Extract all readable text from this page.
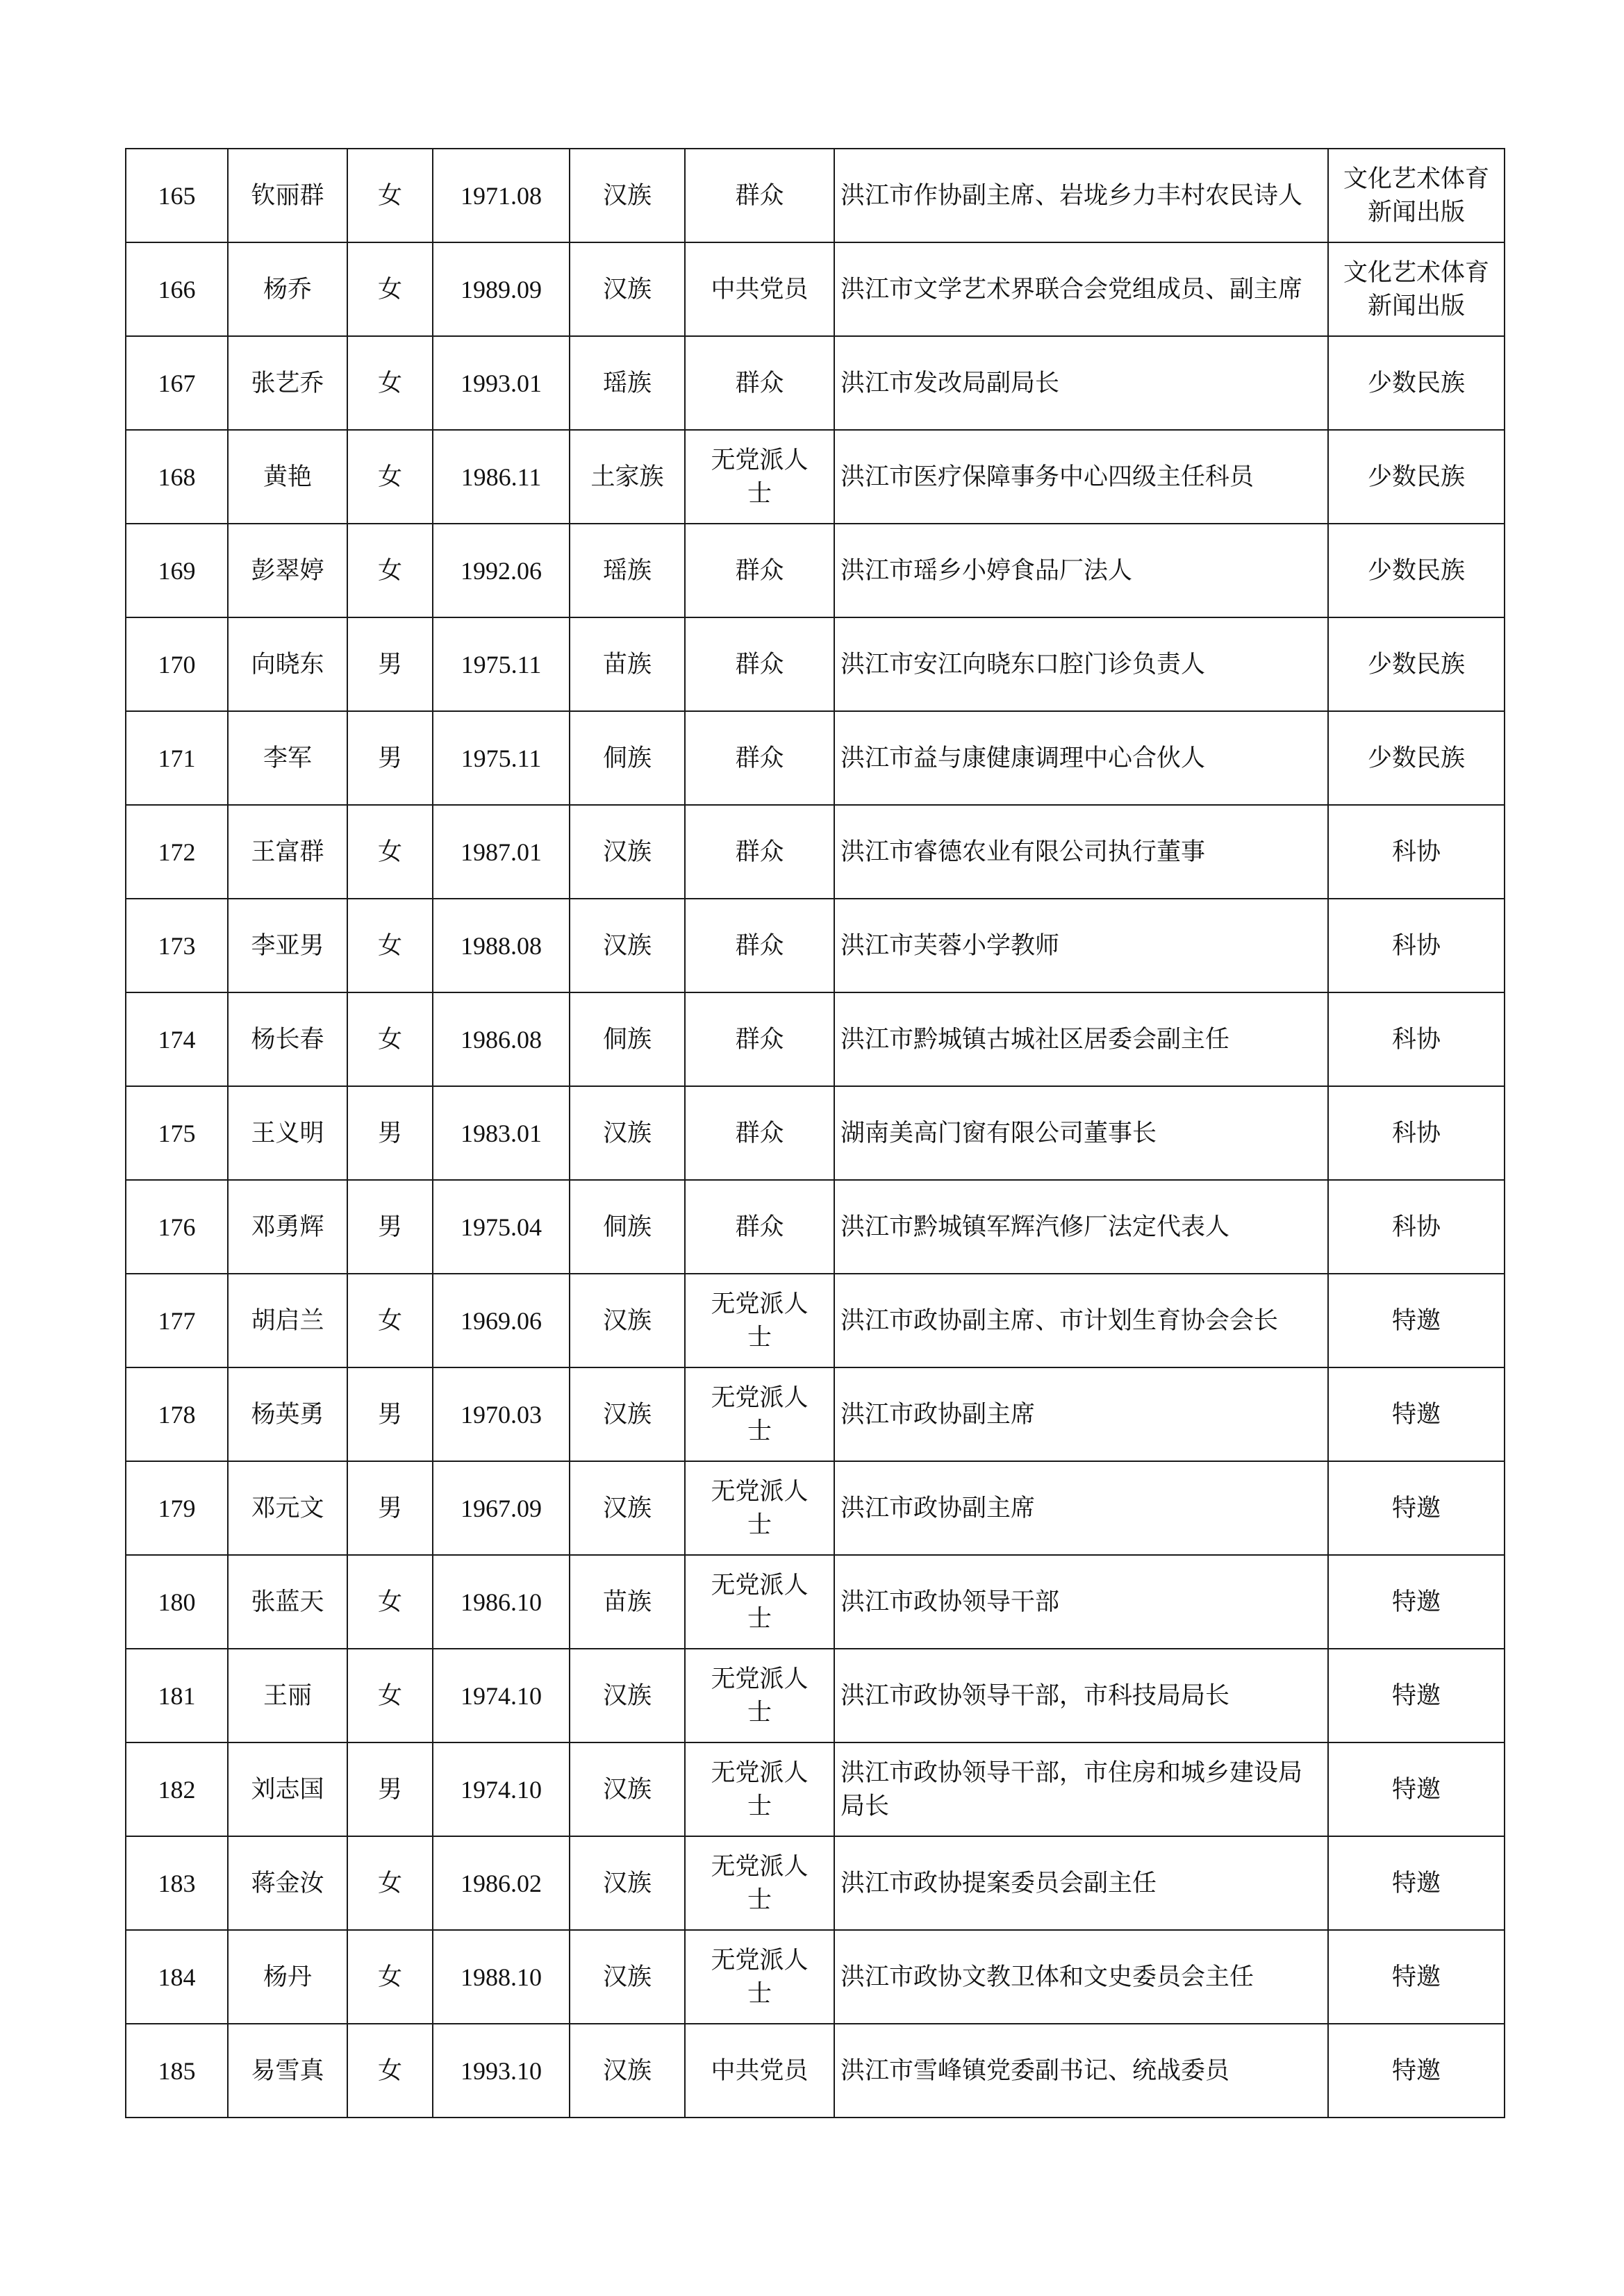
165	钦丽群	女	1971.08	汉族	群众	洪江市作协副主席、岩垅乡力丰村农民诗人	文化艺术体育新闻出版
166	杨乔	女	1989.09	汉族	中共党员	洪江市文学艺术界联合会党组成员、副主席	文化艺术体育新闻出版
167	张艺乔	女	1993.01	瑶族	群众	洪江市发改局副局长	少数民族
168	黄艳	女	1986.11	土家族	无党派人士	洪江市医疗保障事务中心四级主任科员	少数民族
169	彭翠婷	女	1992.06	瑶族	群众	洪江市瑶乡小婷食品厂法人	少数民族
170	向晓东	男	1975.11	苗族	群众	洪江市安江向晓东口腔门诊负责人	少数民族
171	李军	男	1975.11	侗族	群众	洪江市益与康健康调理中心合伙人	少数民族
172	王富群	女	1987.01	汉族	群众	洪江市睿德农业有限公司执行董事	科协
173	李亚男	女	1988.08	汉族	群众	洪江市芙蓉小学教师	科协
174	杨长春	女	1986.08	侗族	群众	洪江市黔城镇古城社区居委会副主任	科协
175	王义明	男	1983.01	汉族	群众	湖南美高门窗有限公司董事长	科协
176	邓勇辉	男	1975.04	侗族	群众	洪江市黔城镇军辉汽修厂法定代表人	科协
177	胡启兰	女	1969.06	汉族	无党派人士	洪江市政协副主席、市计划生育协会会长	特邀
178	杨英勇	男	1970.03	汉族	无党派人士	洪江市政协副主席	特邀
179	邓元文	男	1967.09	汉族	无党派人士	洪江市政协副主席	特邀
180	张蓝天	女	1986.10	苗族	无党派人士	洪江市政协领导干部	特邀
181	王丽	女	1974.10	汉族	无党派人士	洪江市政协领导干部，市科技局局长	特邀
182	刘志国	男	1974.10	汉族	无党派人士	洪江市政协领导干部，市住房和城乡建设局局长	特邀
183	蒋金汝	女	1986.02	汉族	无党派人士	洪江市政协提案委员会副主任	特邀
184	杨丹	女	1988.10	汉族	无党派人士	洪江市政协文教卫体和文史委员会主任	特邀
185	易雪真	女	1993.10	汉族	中共党员	洪江市雪峰镇党委副书记、统战委员	特邀
